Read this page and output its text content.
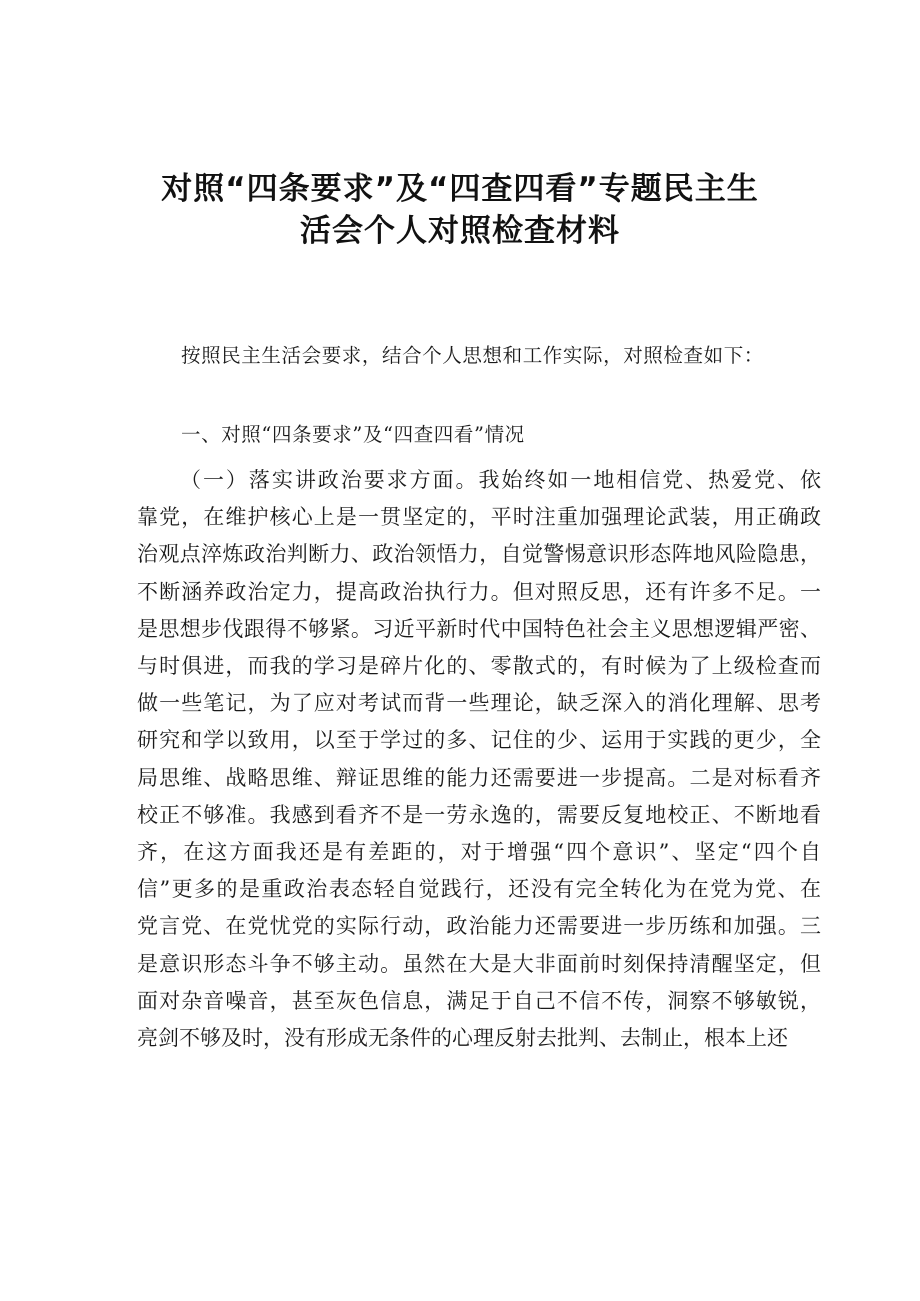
对照“四条要求”及“四查四看”专题民主生
活会个人对照检查材料
按照民主生活会要求，结合个人思想和工作实际，对照检查如下：
一、对照“四条要求”及“四查四看”情况
（一）落实讲政治要求方面。我始终如一地相信党、热爱党、依
靠党，在维护核心上是一贯坚定的，平时注重加强理论武装，用正确政
治观点淬炼政治判断力、政治领悟力，自觉警惕意识形态阵地风险隐患，
不断涵养政治定力，提高政治执行力。但对照反思，还有许多不足。一
是思想步伐跟得不够紧。习近平新时代中国特色社会主义思想逻辑严密、
与时俱进，而我的学习是碎片化的、零散式的，有时候为了上级检查而
做一些笔记，为了应对考试而背一些理论，缺乏深入的消化理解、思考
研究和学以致用，以至于学过的多、记住的少、运用于实践的更少，全
局思维、战略思维、辩证思维的能力还需要进一步提高。二是对标看齐
校正不够准。我感到看齐不是一劳永逸的，需要反复地校正、不断地看
齐，在这方面我还是有差距的，对于增强“四个意识”、坚定“四个自
信”更多的是重政治表态轻自觉践行，还没有完全转化为在党为党、在
党言党、在党忧党的实际行动，政治能力还需要进一步历练和加强。三
是意识形态斗争不够主动。虽然在大是大非面前时刻保持清醒坚定，但
面对杂音噪音，甚至灰色信息，满足于自己不信不传，洞察不够敏锐，
亮剑不够及时，没有形成无条件的心理反射去批判、去制止，根本上还
